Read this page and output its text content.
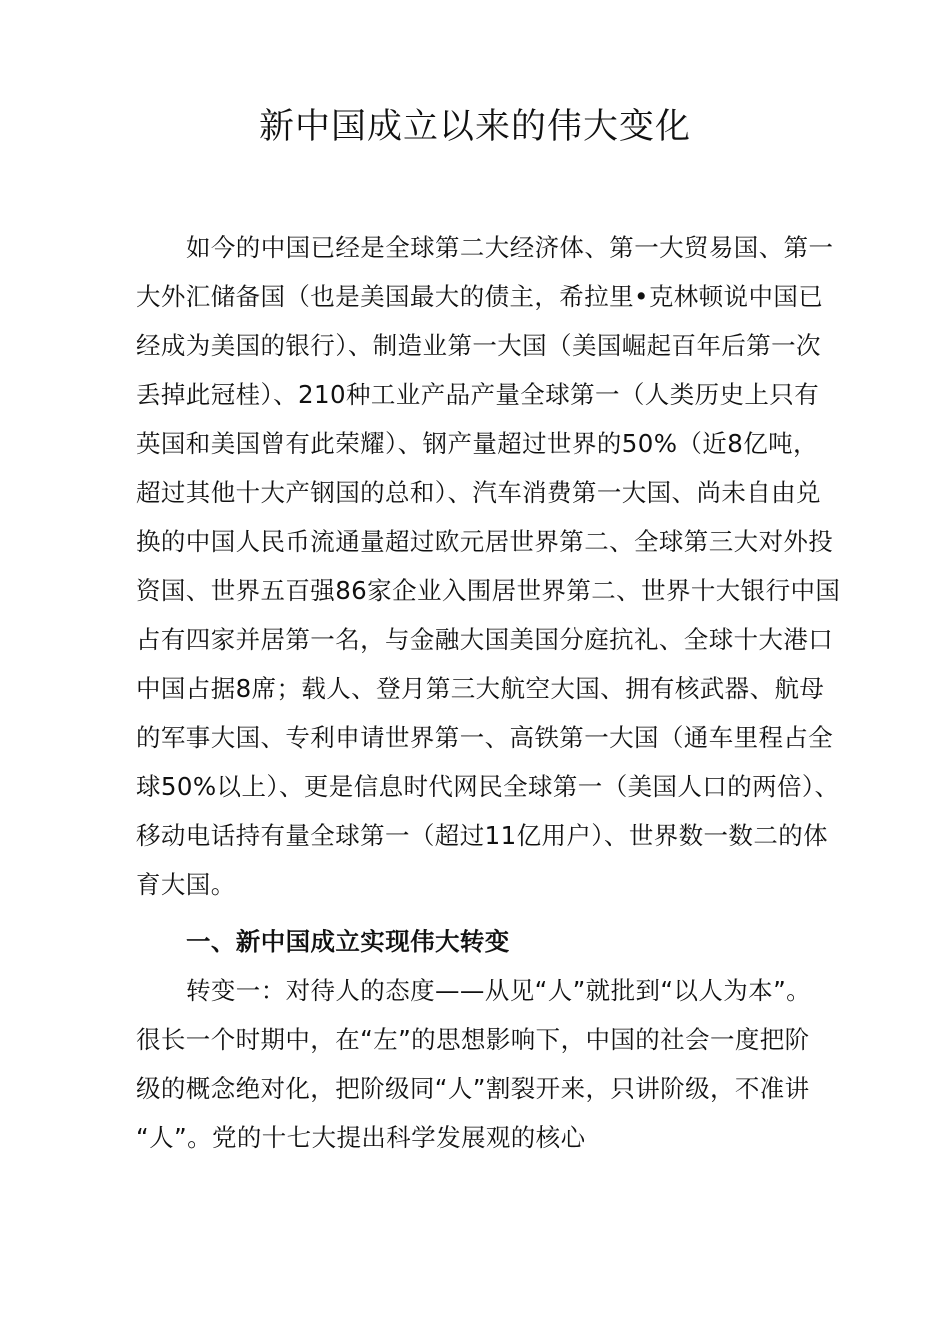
新中国成立以来的伟大变化
如今的中国已经是全球第二大经济体、第一大贸易国、第一
大外汇储备国（也是美国最大的债主，希拉里•克林顿说中国已
经成为美国的银行）、制造业第一大国（美国崛起百年后第一次
丢掉此冠桂）、210种工业产品产量全球第一（人类历史上只有
英国和美国曾有此荣耀）、钢产量超过世界的50%（近8亿吨，
超过其他十大产钢国的总和）、汽车消费第一大国、尚未自由兑
换的中国人民币流通量超过欧元居世界第二、全球第三大对外投
资国、世界五百强86家企业入围居世界第二、世界十大银行中国
占有四家并居第一名，与金融大国美国分庭抗礼、全球十大港口
中国占据8席；载人、登月第三大航空大国、拥有核武器、航母
的军事大国、专利申请世界第一、高铁第一大国（通车里程占全
球50%以上）、更是信息时代网民全球第一（美国人口的两倍）、
移动电话持有量全球第一（超过11亿用户）、世界数一数二的体
育大国。
一、新中国成立实现伟大转变
转变一：对待人的态度——从见“人”就批到“以人为本”。
很长一个时期中，在“左”的思想影响下，中国的社会一度把阶
级的概念绝对化，把阶级同“人”割裂开来，只讲阶级，不准讲
“人”。党的十七大提出科学发展观的核心
